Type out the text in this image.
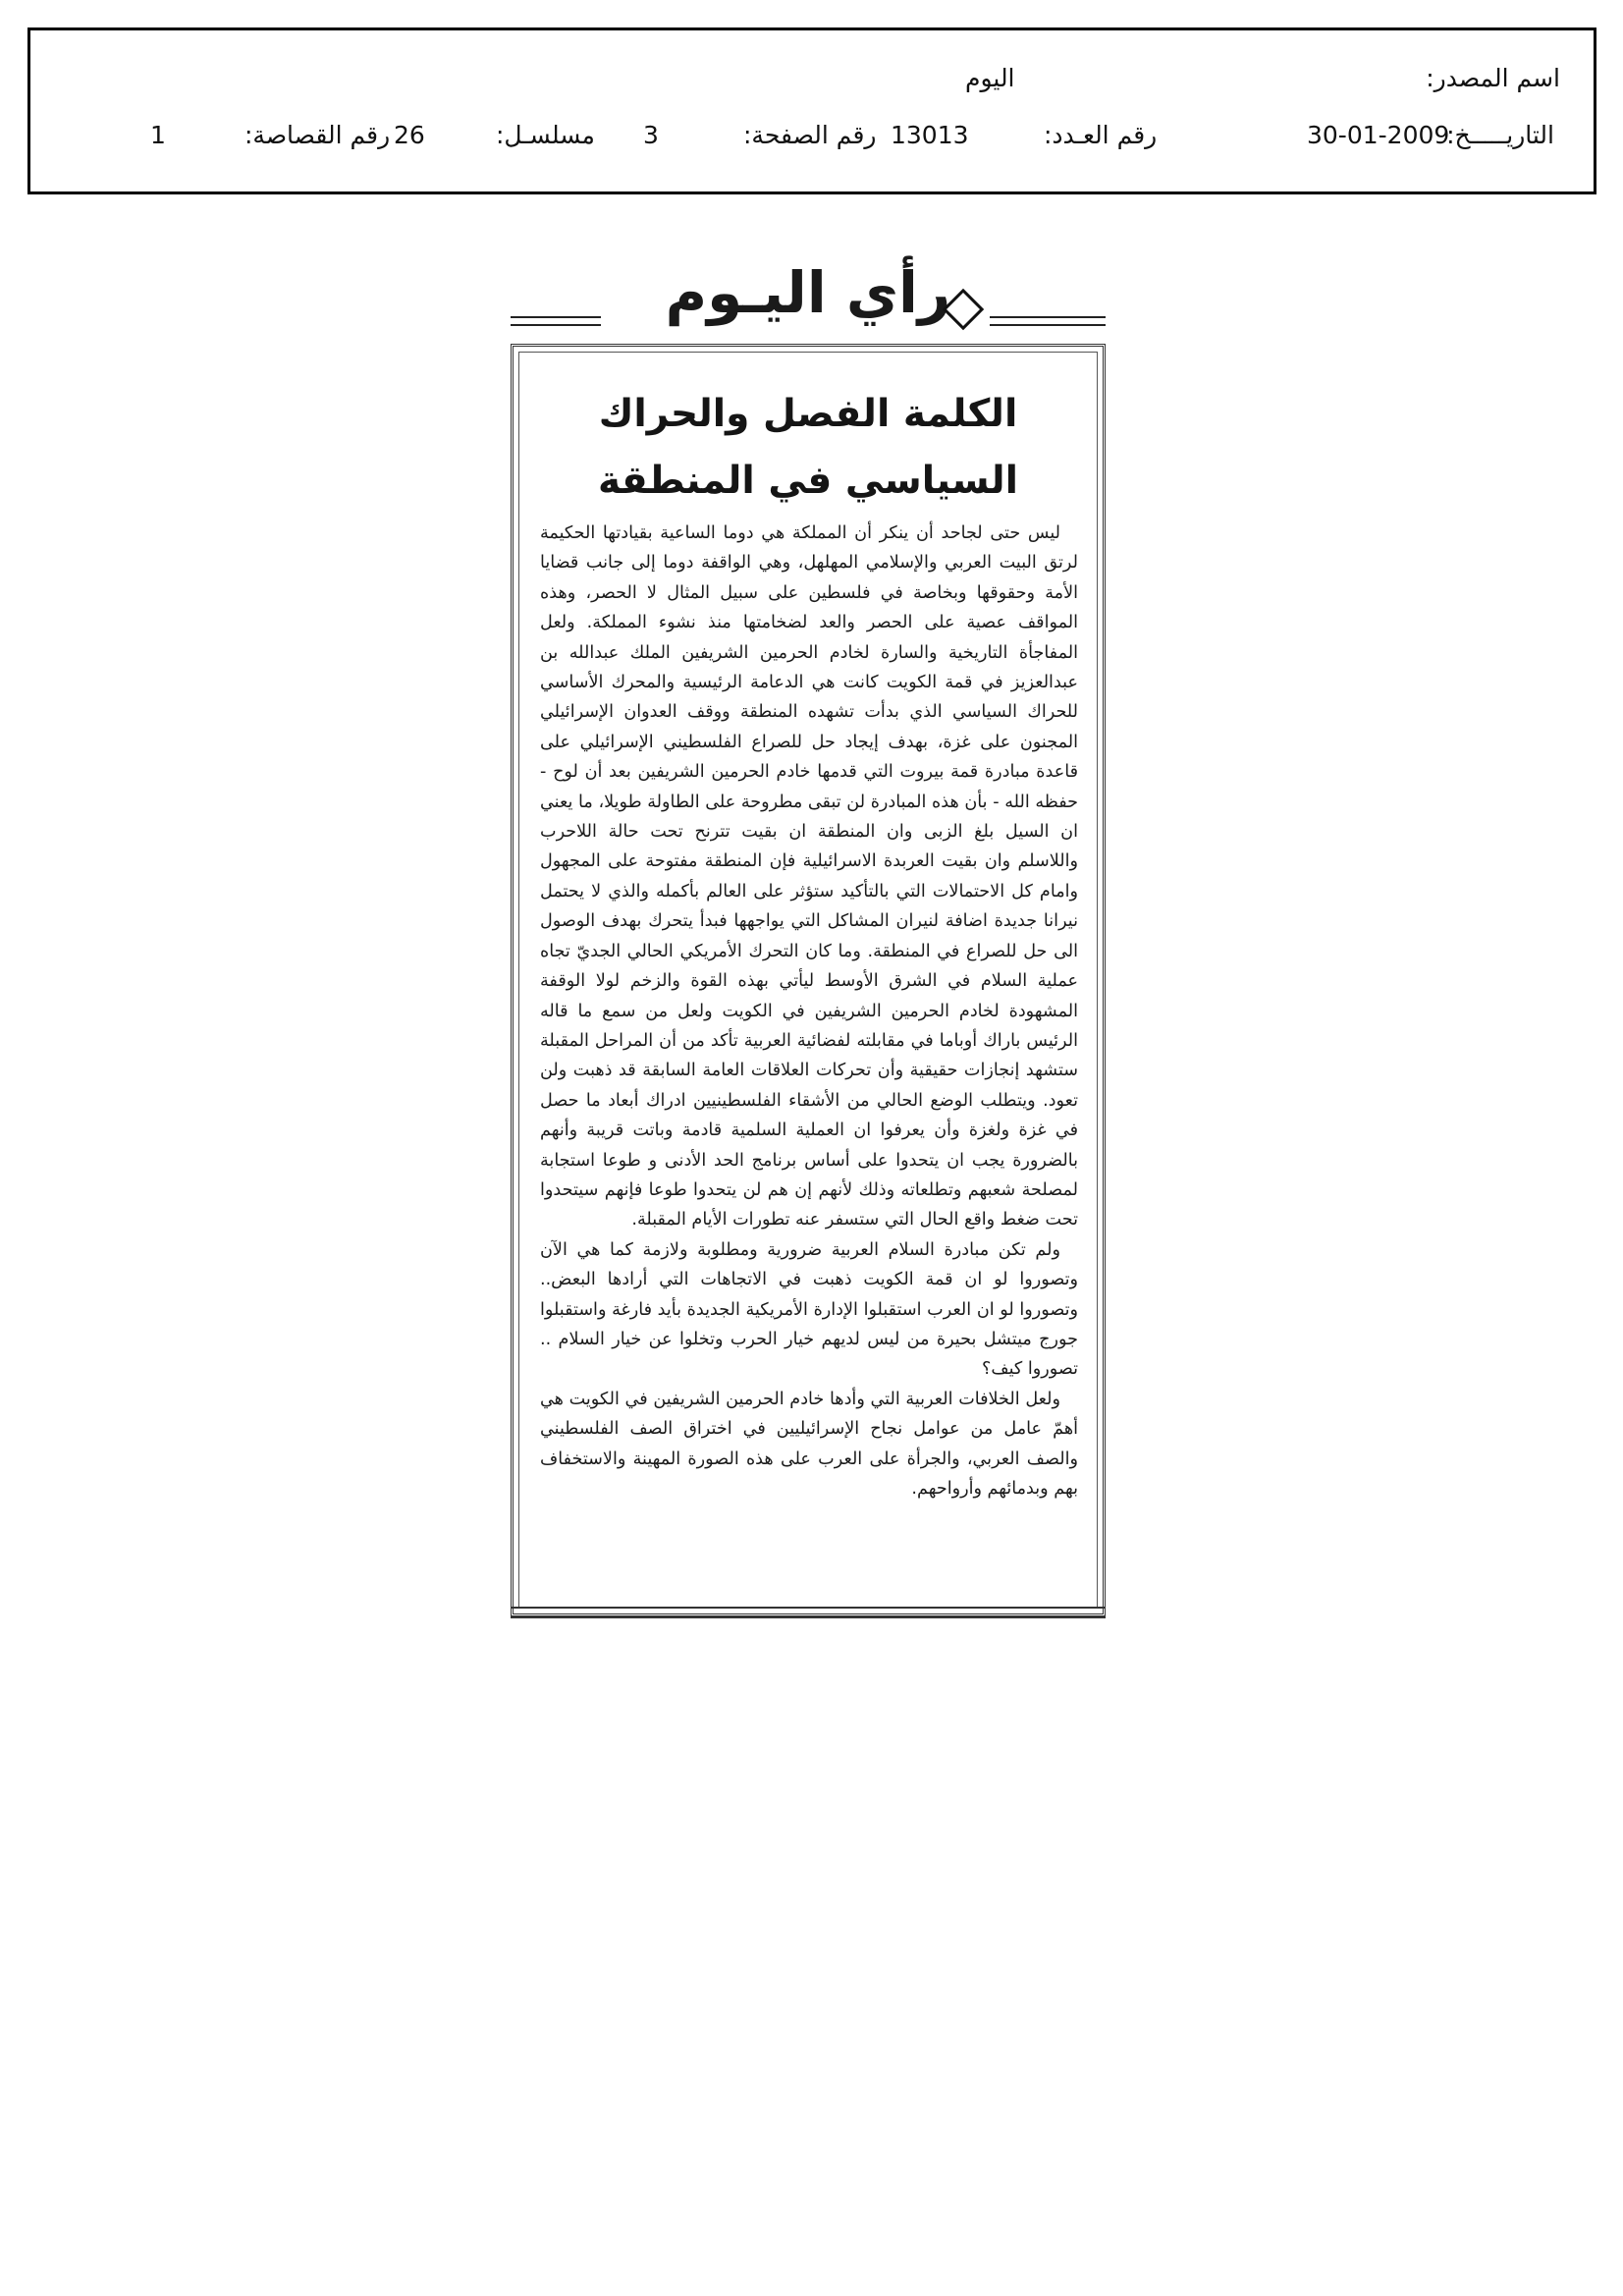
اسم المصدر:
اليوم
التاريـــــخ:
30-01-2009
رقم العـدد:
13013
رقم الصفحة:
3
مسلسـل:
26
رقم القصاصة:
1
رأي اليـوم
الكلمة الفصل والحراك السياسي في المنطقة

ليس حتى لجاحد أن ينكر أن المملكة هي دوما الساعية بقيادتها الحكيمة لرتق البيت العربي والإسلامي المهلهل، وهي الواقفة دوما إلى جانب قضايا الأمة وحقوقها وبخاصة في فلسطين على سبيل المثال لا الحصر، وهذه المواقف عصية على الحصر والعد لضخامتها منذ نشوء المملكة. ولعل المفاجأة التاريخية والسارة لخادم الحرمين الشريفين الملك عبدالله بن عبدالعزيز في قمة الكويت كانت هي الدعامة الرئيسية والمحرك الأساسي للحراك السياسي الذي بدأت تشهده المنطقة ووقف العدوان الإسرائيلي المجنون على غزة، بهدف إيجاد حل للصراع الفلسطيني الإسرائيلي على قاعدة مبادرة قمة بيروت التي قدمها خادم الحرمين الشريفين بعد أن لوح - حفظه الله - بأن هذه المبادرة لن تبقى مطروحة على الطاولة طويلا، ما يعني ان السيل بلغ الزبى وان المنطقة ان بقيت تترنح تحت حالة اللاحرب واللاسلم وان بقيت العربدة الاسرائيلية فإن المنطقة مفتوحة على المجهول وامام كل الاحتمالات التي بالتأكيد ستؤثر على العالم بأكمله والذي لا يحتمل نيرانا جديدة اضافة لنيران المشاكل التي يواجهها فبدأ يتحرك بهدف الوصول الى حل للصراع في المنطقة. وما كان التحرك الأمريكي الحالي الجديّ تجاه عملية السلام في الشرق الأوسط ليأتي بهذه القوة والزخم لولا الوقفة المشهودة لخادم الحرمين الشريفين في الكويت ولعل من سمع ما قاله الرئيس باراك أوباما في مقابلته لفضائية العربية تأكد من أن المراحل المقبلة ستشهد إنجازات حقيقية وأن تحركات العلاقات العامة السابقة قد ذهبت ولن تعود. ويتطلب الوضع الحالي من الأشقاء الفلسطينيين ادراك أبعاد ما حصل في غزة ولغزة وأن يعرفوا ان العملية السلمية قادمة وباتت قريبة وأنهم بالضرورة يجب ان يتحدوا على أساس برنامج الحد الأدنى و طوعا استجابة لمصلحة شعبهم وتطلعاته وذلك لأنهم إن هم لن يتحدوا طوعا فإنهم سيتحدوا تحت ضغط واقع الحال التي ستسفر عنه تطورات الأيام المقبلة.

ولم تكن مبادرة السلام العربية ضرورية ومطلوبة ولازمة كما هي الآن وتصوروا لو ان قمة الكويت ذهبت في الاتجاهات التي أرادها البعض.. وتصوروا لو ان العرب استقبلوا الإدارة الأمريكية الجديدة بأيد فارغة واستقبلوا جورج ميتشل بحيرة من ليس لديهم خيار الحرب وتخلوا عن خيار السلام .. تصوروا كيف؟

ولعل الخلافات العربية التي وأدها خادم الحرمين الشريفين في الكويت هي أهمّ عامل من عوامل نجاح الإسرائيليين في اختراق الصف الفلسطيني والصف العربي، والجرأة على العرب على هذه الصورة المهينة والاستخفاف بهم وبدمائهم وأرواحهم.
